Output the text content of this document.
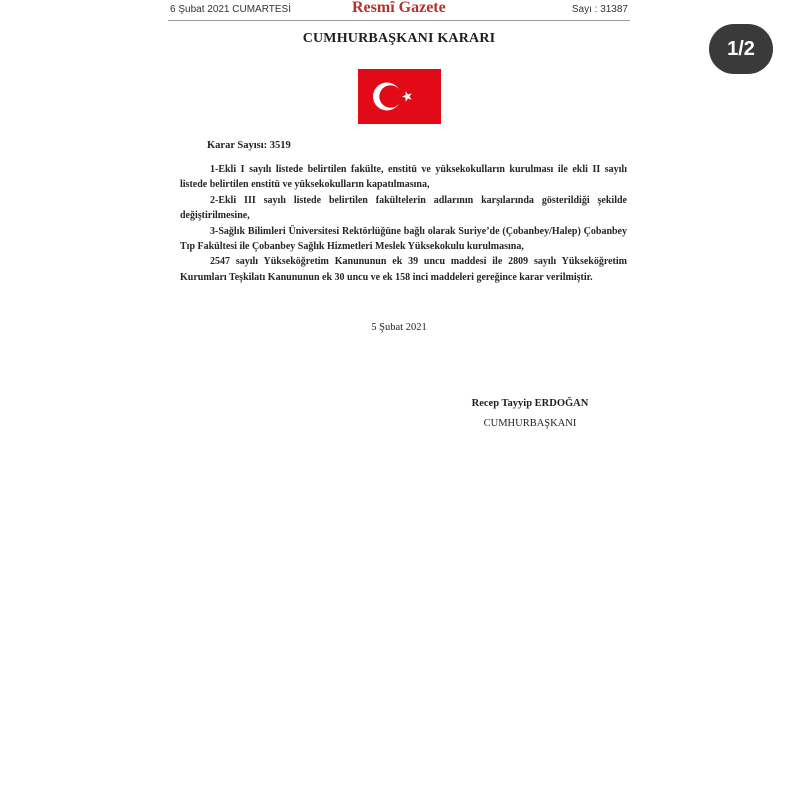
6 Şubat 2021 CUMARTESİ	Resmî Gazete	Sayı : 31387
CUMHURBAŞKANI KARARI
Karar Sayısı: 3519

1-Ekli I sayılı listede belirtilen fakülte, enstitü ve yüksekokulların kurulması ile ekli II sayılı listede belirtilen enstitü ve yüksekokulların kapatılmasına,

2-Ekli III sayılı listede belirtilen fakültelerin adlarının karşılarında gösterildiği şekilde değiştirilmesine,

3-Sağlık Bilimleri Üniversitesi Rektörlüğüne bağlı olarak Suriye’de (Çobanbey/Halep) Çobanbey Tıp Fakültesi ile Çobanbey Sağlık Hizmetleri Meslek Yüksekokulu kurulmasına,

2547 sayılı Yükseköğretim Kanununun ek 39 uncu maddesi ile 2809 sayılı Yükseköğretim Kurumları Teşkilatı Kanununun ek 30 uncu ve ek 158 inci maddeleri gereğince karar verilmiştir.

5 Şubat 2021
Recep Tayyip ERDOĞAN
CUMHURBAŞKANI
1/2
